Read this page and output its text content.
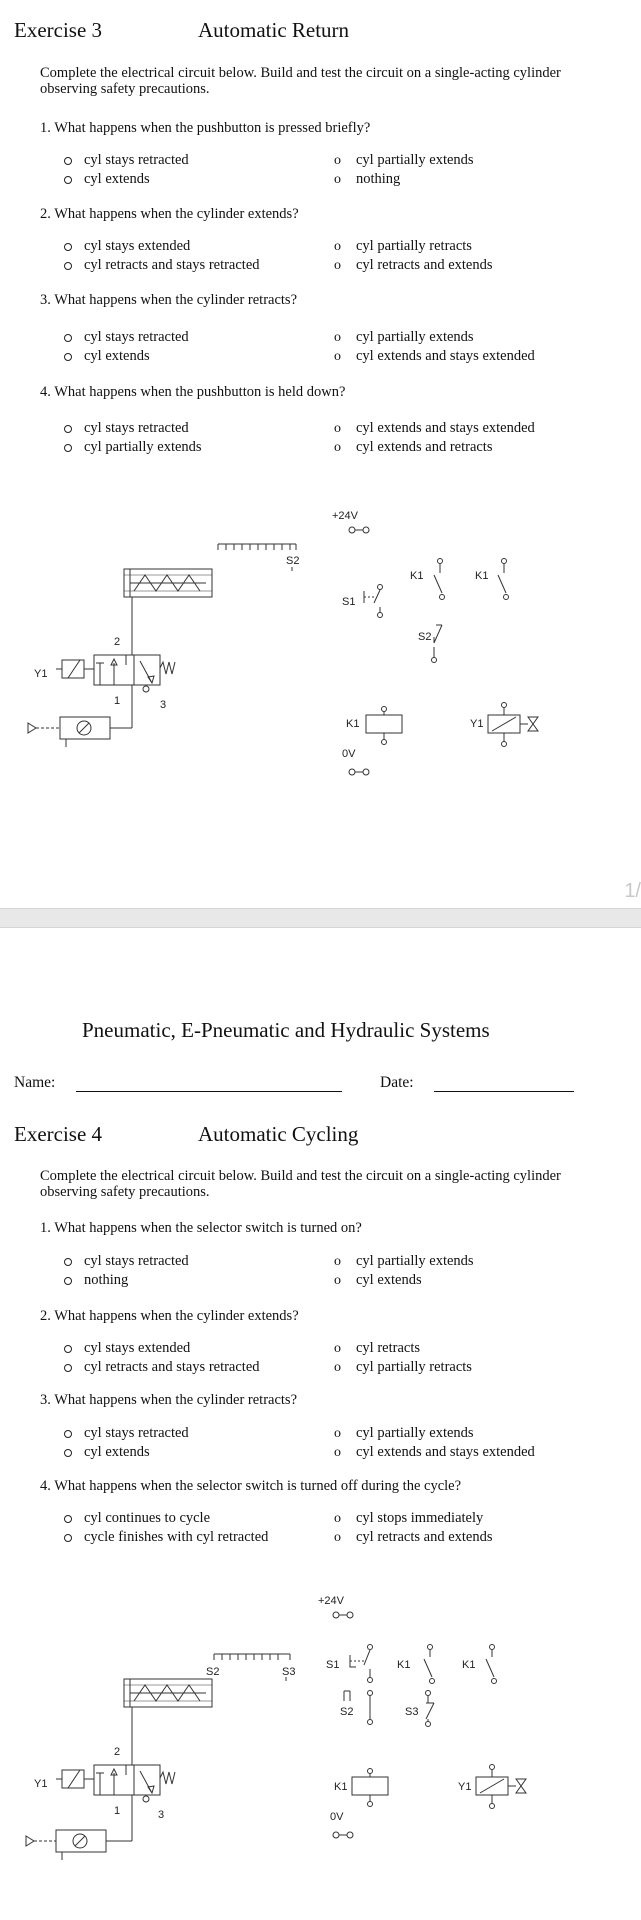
Exercise 3	Automatic Return
Complete the electrical circuit below. Build and test the circuit on a single-acting cylinder observing safety precautions.
1. What happens when the pushbutton is pressed briefly?
cyl stays retracted
cyl extends
ocyl partially extends
onothing
2. What happens when the cylinder extends?
cyl stays extended
cyl retracts and stays retracted
ocyl partially retracts
ocyl retracts and extends
3. What happens when the cylinder retracts?
cyl stays retracted
cyl extends
ocyl partially extends
ocyl extends and stays extended
4. What happens when the pushbutton is held down?
cyl stays retracted
cyl partially extends
ocyl extends and stays extended
ocyl extends and retracts
S2
2
Y1
1	3
+24V
S1
K1	K1
S2
K1	Y1
0V
1/
Pneumatic, E-Pneumatic and Hydraulic Systems
Name:	Date:
Exercise 4	Automatic Cycling
Complete the electrical circuit below. Build and test the circuit on a single-acting cylinder observing safety precautions.
1. What happens when the selector switch is turned on?
cyl stays retracted
nothing
ocyl partially extends
ocyl extends
2. What happens when the cylinder extends?
cyl stays extended
cyl retracts and stays retracted
ocyl retracts
ocyl partially retracts
3. What happens when the cylinder retracts?
cyl stays retracted
cyl extends
ocyl partially extends
ocyl extends and stays extended
4. What happens when the selector switch is turned off during the cycle?
cyl continues to cycle
cycle finishes with cyl retracted
ocyl stops immediately
ocyl retracts and extends
S2	S3
2
Y1
1	3
+24V
S1	K1	K1
S2	S3
K1	Y1
0V
